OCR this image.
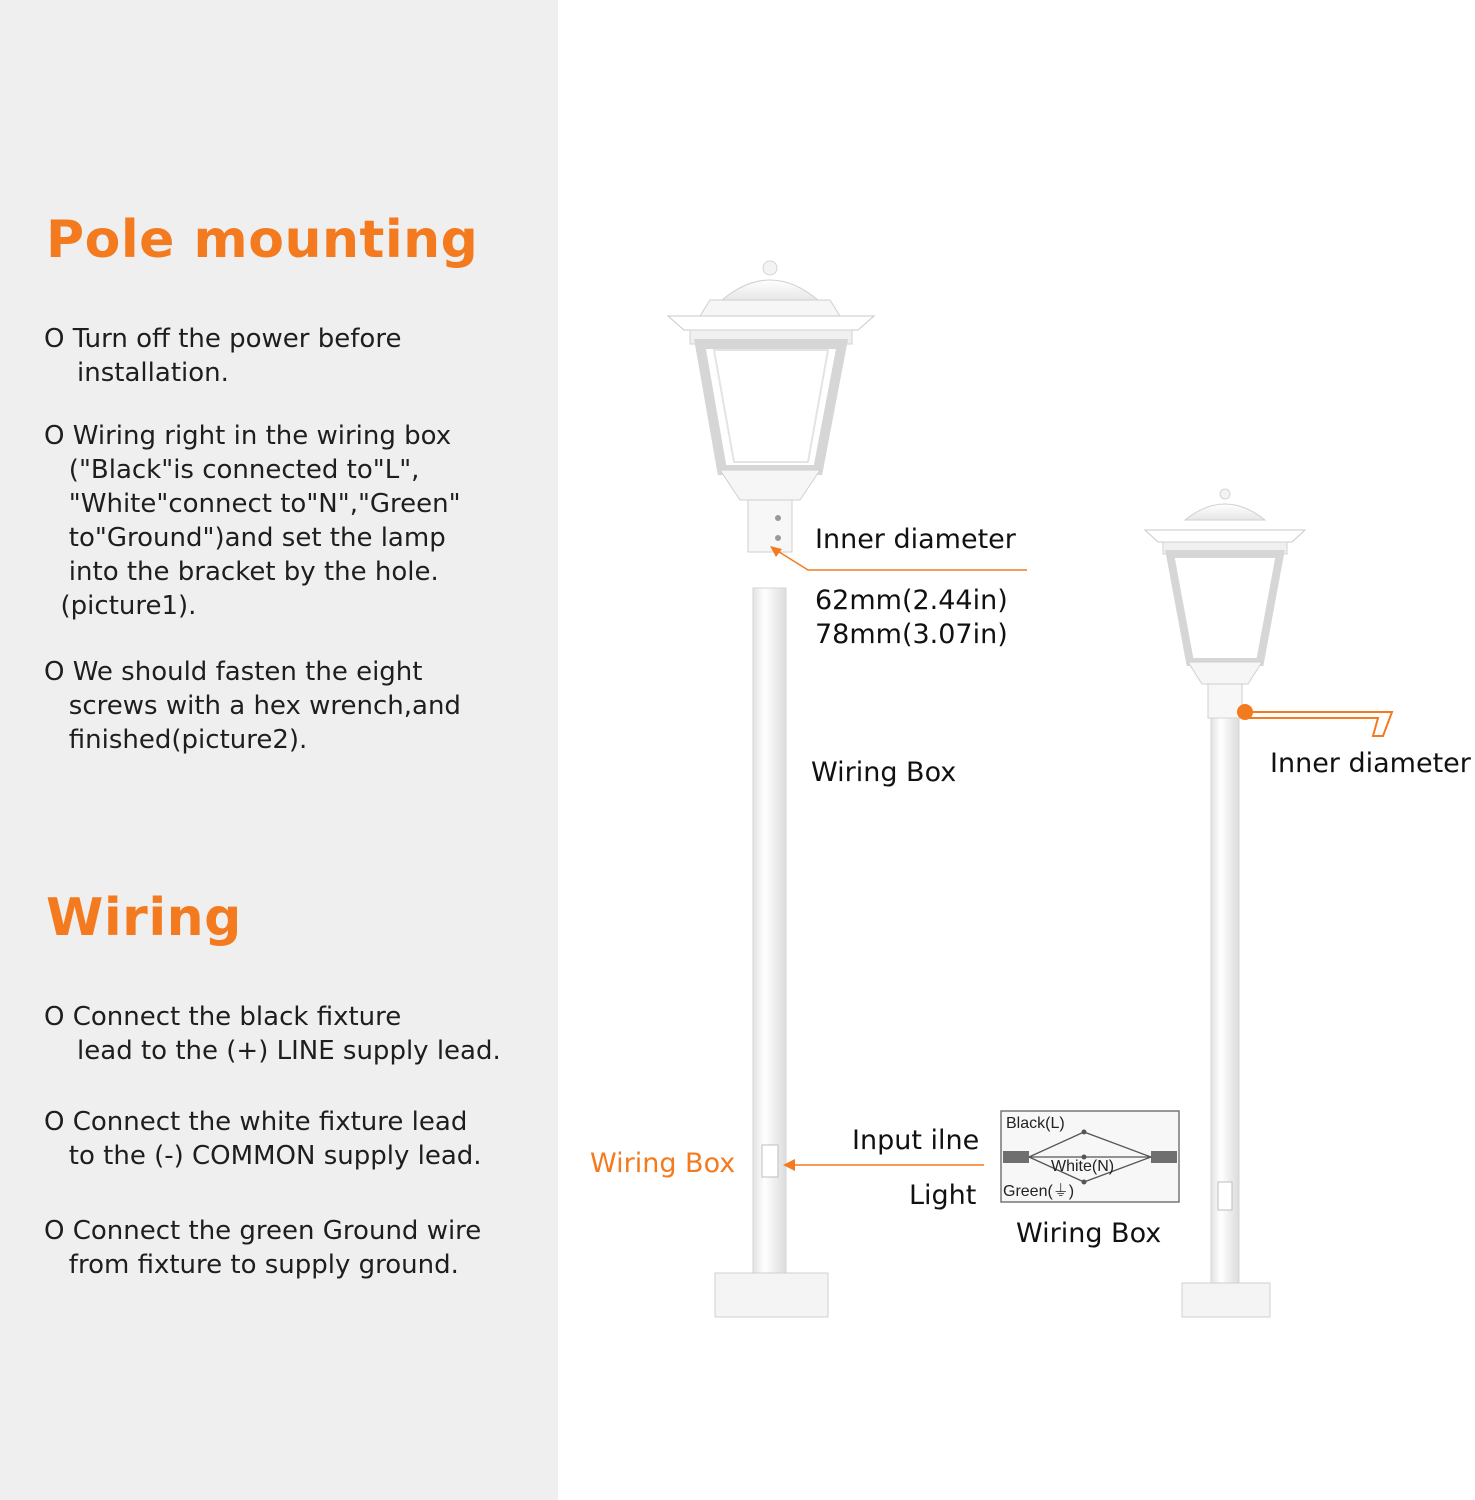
Pole mounting

O Turn off the power before
installation.

O Wiring right in the wiring box
("Black"is connected to"L",
"White"connect to"N","Green"
to"Ground")and set the lamp
into the bracket by the hole.
(picture1).

O We should fasten the eight
screws with a hex wrench,and
finished(picture2).

Wiring

O Connect the black fixture
lead to the (+) LINE supply lead.

O Connect the white fixture lead
to the (-) COMMON supply lead.

O Connect the green Ground wire
from fixture to supply ground.

Black(L)
White(N)
Green(⏚)

Inner diameter

62mm(2.44in)

78mm(3.07in)

Wiring Box

Wiring Box

Input ilne

Light

Inner diameter

Wiring Box
